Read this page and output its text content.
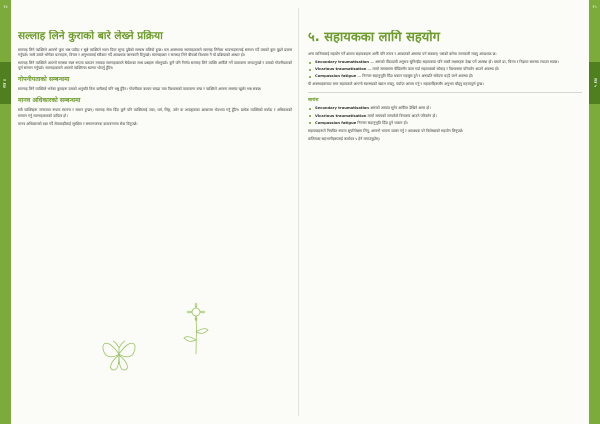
१४
सत्र ४
१५
सत्र ५
सल्लाह लिने कुराको बारे लेख्ने प्रक्रिया

सल्लाह लिने व्यक्तिले आफ्नो कुरा भन्न पाउँदा र सुन्ने व्यक्तिले ध्यान दिएर सुन्दा दुबैको सम्बन्ध बलियो हुन्छ। यस अवस्थामा सल्लाहकारले सल्लाह लिनेका भावनाहरूलाई सम्मान गर्दै उसको कुरा बुझ्ने प्रयास गर्नुपर्छ। साथै उसले भोगेका घटनाहरू, विचार र अनुभवलाई स्वीकार गर्दै आवश्यक जानकारी दिनुपर्छ। सल्लाहकार र सल्लाह लिने बीचको विश्वास नै यो प्रक्रियाको आधार हो।

सल्लाह लिने व्यक्तिले आफ्नो समस्या स्पष्ट रूपमा बताउन नसक्दा सल्लाहकारले धैर्यताका साथ प्रश्नहरू सोध्नुपर्छ। कुनै पनि निर्णय सल्लाह लिने व्यक्ति आफैँले गर्ने वातावरण बनाउनुपर्छ र उसको गोपनीयताको पूर्ण सम्मान गर्नुपर्छ। सल्लाहकारले आफ्नो व्यक्तिगत धारणा थोपर्नु हुँदैन।

गोपनीयताको सम्बन्धमा

सल्लाह लिने व्यक्तिले भनेका कुराहरू उसको अनुमति विना कसैलाई पनि भन्नु हुँदैन। गोपनीयता कायम राख्दा मात्र विश्वासको वातावरण बन्छ र व्यक्तिले आफ्ना समस्या खुलेर भन्न सक्छ।

मानव अधिकारको सम्बन्धमा

सबै व्यक्तिहरू जन्मजात रूपमा स्वतन्त्र र समान हुन्छन्। सल्लाह सेवा दिँदा कुनै पनि व्यक्तिलाई जात, धर्म, लिङ्ग, उमेर वा अपाङ्गताका आधारमा भेदभाव गर्नु हुँदैन। प्रत्येक व्यक्तिको मर्यादा र अधिकारको सम्मान गर्नु सल्लाहकारको दायित्व हो।

मानव अधिकारको रक्षा गर्दै सेवाग्राहीलाई सुरक्षित र सम्मानजनक वातावरणमा सेवा दिनुपर्छ।

५. सहायकका लागि सहयोग

अन्य मानिसलाई सहयोग गर्ने क्रममा सहायकहरू आफैँ पनि तनाव र आघातको असरमा पर्न सक्छन्। यसको बारेमा जानकारी राख्नु आवश्यक छ।

Secondary traumatisation — अरूको पीडादायी अनुभव सुनिरहँदा सहायकमा पनि त्यस्तै लक्षणहरू देखा पर्ने अवस्था हो। यसले डर, चिन्ता र निद्रामा समस्या ल्याउन सक्छ।
Vicarious traumatisation — लामो समयसम्म पीडितसँग काम गर्दा सहायकको सोचाइ र विश्वासमा परिवर्तन आउने अवस्था हो।
Compassion fatigue — निरन्तर सहानुभूति दिँदा थकान महसुस हुने र अरूप्रति संवेदना घट्दै जाने अवस्था हो।

यी अवस्थाहरूबाट बच्न सहायकले आफ्नो स्वास्थ्यको ख्याल राख्नु, पर्याप्त आराम गर्नु र सहकर्मीहरूसँग अनुभव बाँड्नु महत्त्वपूर्ण हुन्छ।

सारांश
Secondary traumatisation अरूको आघात सुनेर आफैँमा देखिने असर हो।
Vicarious traumatisation लामो समयको सम्पर्कले विचारमा आउने परिवर्तन हो।
Compassion fatigue निरन्तर सहानुभूति दिँदा हुने थकान हो।

सहायकहरूले नियमित रूपमा सुपरिवेक्षण लिनु, आफ्नो भावना व्यक्त गर्नु र आवश्यक परे विशेषज्ञको सहयोग लिनुपर्छ।

तालिमका सहभागीहरूलाई कार्यपत्र ५ हेर्न लगाउनुहोस्।
